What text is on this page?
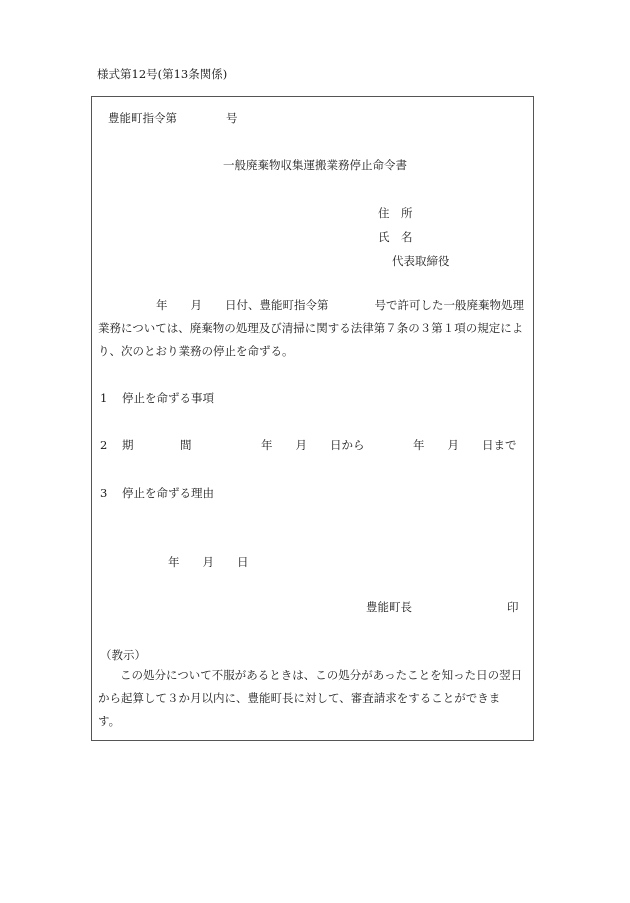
様式第12号(第13条関係)
豊能町指令第	号
一般廃棄物収集運搬業務停止命令書
住　所
氏　名
代表取締役

年　　月　　日付、豊能町指令第　　　　号で許可した一般廃棄物処理

業務については、廃棄物の処理及び清掃に関する法律第７条の３第１項の規定によ

り、次のとおり業務の停止を命ずる。

1 停止を命ずる事項
2 期	間	年　　月　　日から	年　　月　　日まで
3 停止を命ずる理由
年　　月　　日
豊能町長	印
（教示）

この処分について不服があるときは、この処分があったことを知った日の翌日

から起算して３か月以内に、豊能町長に対して、審査請求をすることができま

す。
